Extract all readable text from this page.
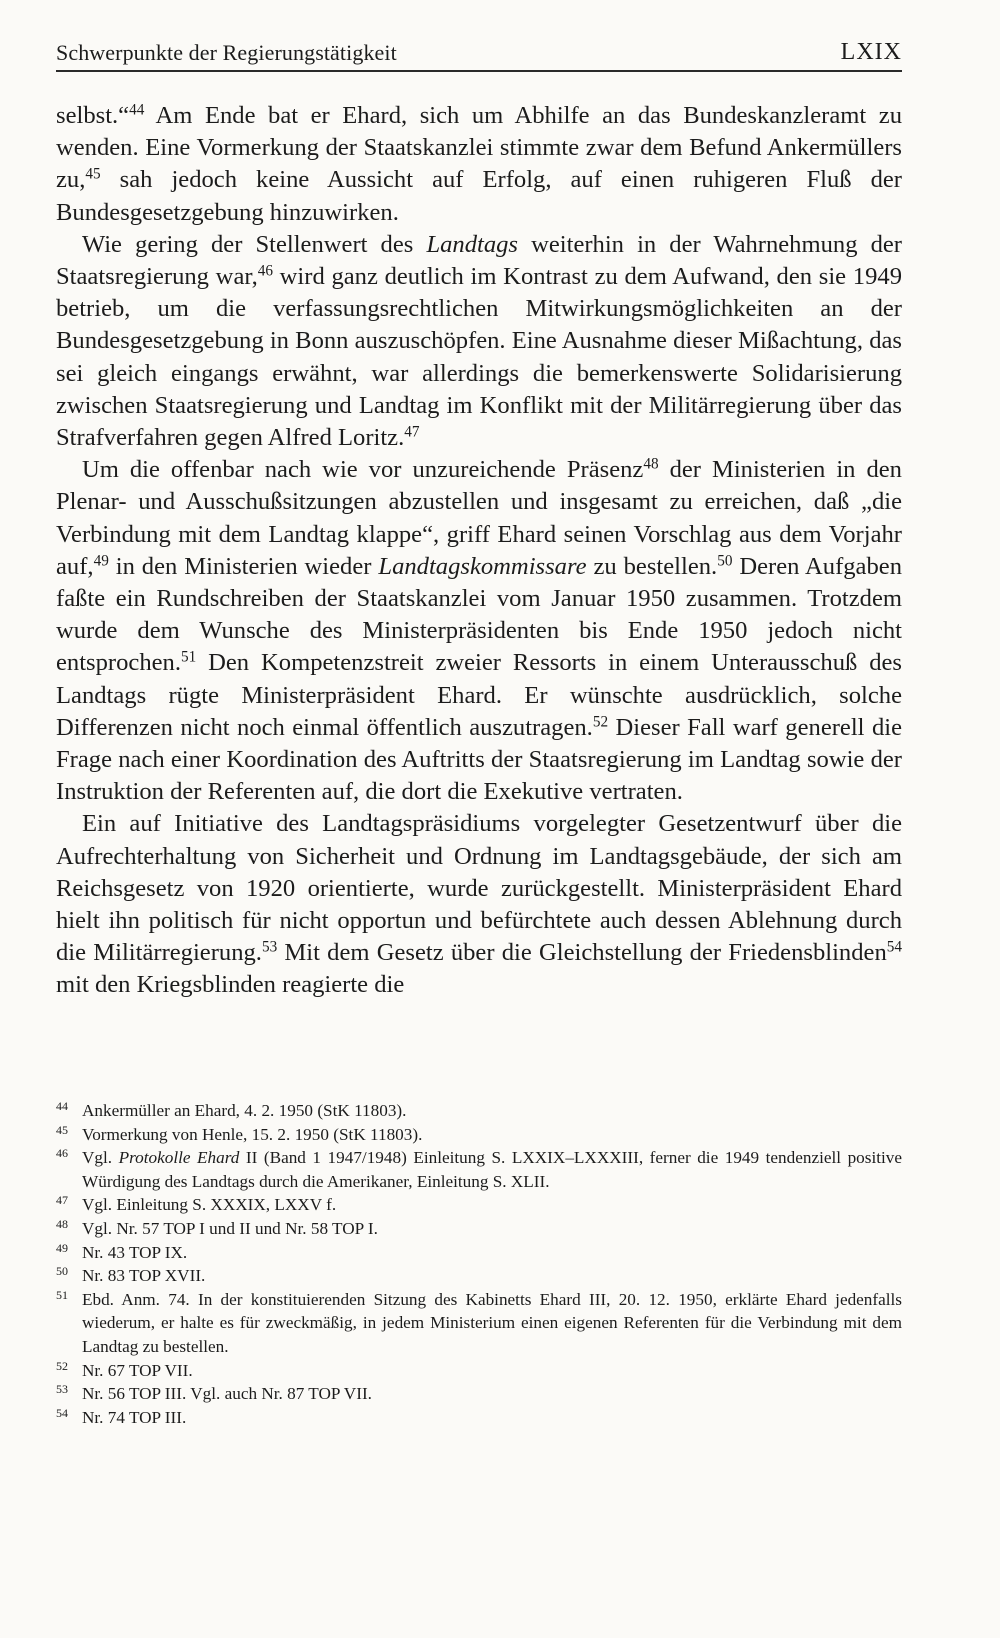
Schwerpunkte der Regierungstätigkeit	LXIX

selbst.“$^{44}$ Am Ende bat er Ehard, sich um Abhilfe an das Bundeskanzleramt zu wenden. Eine Vormerkung der Staatskanzlei stimmte zwar dem Befund Ankermüllers zu,$^{45}$ sah jedoch keine Aussicht auf Erfolg, auf einen ruhigeren Fluß der Bundesgesetzgebung hinzuwirken.

Wie gering der Stellenwert des Landtags weiterhin in der Wahrnehmung der Staatsregierung war,$^{46}$ wird ganz deutlich im Kontrast zu dem Aufwand, den sie 1949 betrieb, um die verfassungsrechtlichen Mitwirkungsmöglichkeiten an der Bundesgesetzgebung in Bonn auszuschöpfen. Eine Ausnahme dieser Mißachtung, das sei gleich eingangs erwähnt, war allerdings die bemerkenswerte Solidarisierung zwischen Staatsregierung und Landtag im Konflikt mit der Militärregierung über das Strafverfahren gegen Alfred Loritz.$^{47}$

Um die offenbar nach wie vor unzureichende Präsenz$^{48}$ der Ministerien in den Plenar- und Ausschußsitzungen abzustellen und insgesamt zu erreichen, daß „die Verbindung mit dem Landtag klappe“, griff Ehard seinen Vorschlag aus dem Vorjahr auf,$^{49}$ in den Ministerien wieder Landtagskommissare zu bestellen.$^{50}$ Deren Aufgaben faßte ein Rundschreiben der Staatskanzlei vom Januar 1950 zusammen. Trotzdem wurde dem Wunsche des Ministerpräsidenten bis Ende 1950 jedoch nicht entsprochen.$^{51}$ Den Kompetenzstreit zweier Ressorts in einem Unterausschuß des Landtags rügte Ministerpräsident Ehard. Er wünschte ausdrücklich, solche Differenzen nicht noch einmal öffentlich auszutragen.$^{52}$ Dieser Fall warf generell die Frage nach einer Koordination des Auftritts der Staatsregierung im Landtag sowie der Instruktion der Referenten auf, die dort die Exekutive vertraten.

Ein auf Initiative des Landtagspräsidiums vorgelegter Gesetzentwurf über die Aufrechterhaltung von Sicherheit und Ordnung im Landtagsgebäude, der sich am Reichsgesetz von 1920 orientierte, wurde zurückgestellt. Ministerpräsident Ehard hielt ihn politisch für nicht opportun und befürchtete auch dessen Ablehnung durch die Militärregierung.$^{53}$ Mit dem Gesetz über die Gleichstellung der Friedensblinden$^{54}$ mit den Kriegsblinden reagierte die

44 Ankermüller an Ehard, 4. 2. 1950 (StK 11803).
45 Vormerkung von Henle, 15. 2. 1950 (StK 11803).
46 Vgl. Protokolle Ehard II (Band 1 1947/1948) Einleitung S. LXXIX–LXXXIII, ferner die 1949 tendenziell positive Würdigung des Landtags durch die Amerikaner, Einleitung S. XLII.
47 Vgl. Einleitung S. XXXIX, LXXV f.
48 Vgl. Nr. 57 TOP I und II und Nr. 58 TOP I.
49 Nr. 43 TOP IX.
50 Nr. 83 TOP XVII.
51 Ebd. Anm. 74. In der konstituierenden Sitzung des Kabinetts Ehard III, 20. 12. 1950, erklärte Ehard jedenfalls wiederum, er halte es für zweckmäßig, in jedem Ministerium einen eigenen Referenten für die Verbindung mit dem Landtag zu bestellen.
52 Nr. 67 TOP VII.
53 Nr. 56 TOP III. Vgl. auch Nr. 87 TOP VII.
54 Nr. 74 TOP III.
